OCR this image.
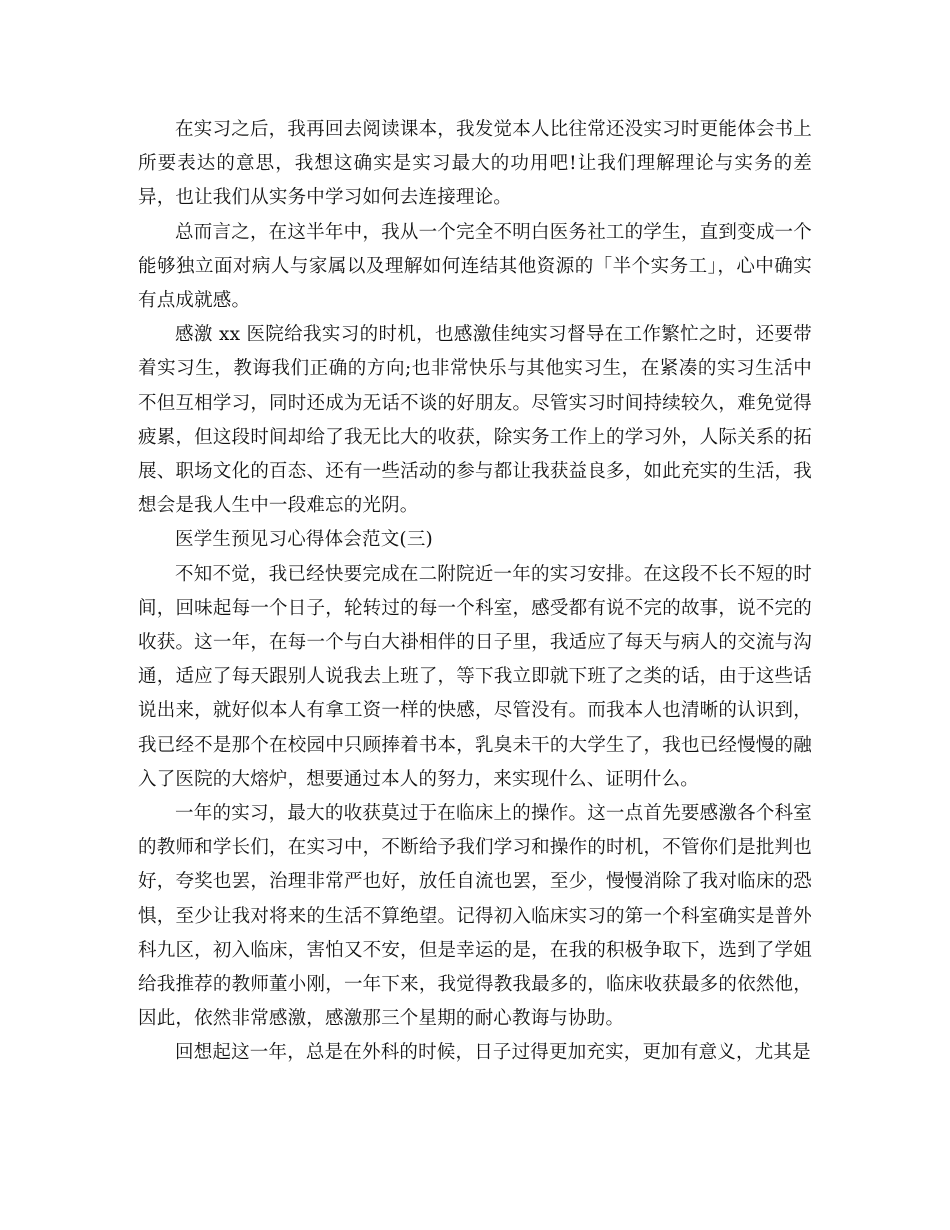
在实习之后，我再回去阅读课本，我发觉本人比往常还没实习时更能体会书上所要表达的意思，我想这确实是实习最大的功用吧!让我们理解理论与实务的差异，也让我们从实务中学习如何去连接理论。

总而言之，在这半年中，我从一个完全不明白医务社工的学生，直到变成一个能够独立面对病人与家属以及理解如何连结其他资源的「半个实务工」，心中确实有点成就感。

感激 xx 医院给我实习的时机，也感激佳纯实习督导在工作繁忙之时，还要带着实习生，教诲我们正确的方向;也非常快乐与其他实习生，在紧凑的实习生活中不但互相学习，同时还成为无话不谈的好朋友。尽管实习时间持续较久，难免觉得疲累，但这段时间却给了我无比大的收获，除实务工作上的学习外，人际关系的拓展、职场文化的百态、还有一些活动的参与都让我获益良多，如此充实的生活，我想会是我人生中一段难忘的光阴。

医学生预见习心得体会范文(三)

不知不觉，我已经快要完成在二附院近一年的实习安排。在这段不长不短的时间，回味起每一个日子，轮转过的每一个科室，感受都有说不完的故事，说不完的收获。这一年，在每一个与白大褂相伴的日子里，我适应了每天与病人的交流与沟通，适应了每天跟别人说我去上班了，等下我立即就下班了之类的话，由于这些话说出来，就好似本人有拿工资一样的快感，尽管没有。而我本人也清晰的认识到，我已经不是那个在校园中只顾捧着书本，乳臭未干的大学生了，我也已经慢慢的融入了医院的大熔炉，想要通过本人的努力，来实现什么、证明什么。

一年的实习，最大的收获莫过于在临床上的操作。这一点首先要感激各个科室的教师和学长们，在实习中，不断给予我们学习和操作的时机，不管你们是批判也好，夸奖也罢，治理非常严也好，放任自流也罢，至少，慢慢消除了我对临床的恐惧，至少让我对将来的生活不算绝望。记得初入临床实习的第一个科室确实是普外科九区，初入临床，害怕又不安，但是幸运的是，在我的积极争取下，选到了学姐给我推荐的教师董小刚，一年下来，我觉得教我最多的，临床收获最多的依然他，因此，依然非常感激，感激那三个星期的耐心教诲与协助。

回想起这一年，总是在外科的时候，日子过得更加充实，更加有意义，尤其是
